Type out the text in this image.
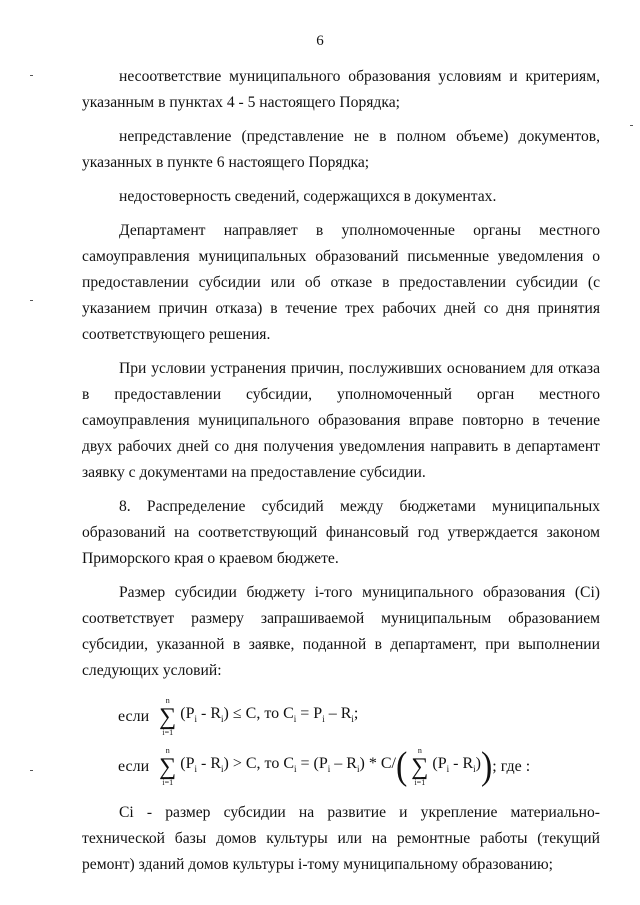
6

несоответствие муниципального образования условиям и критериям, указанным в пунктах 4 - 5 настоящего Порядка;

непредставление (представление не в полном объеме) документов, указанных в пункте 6 настоящего Порядка;

недостоверность сведений, содержащихся в документах.

Департамент направляет в уполномоченные органы местного самоуправления муниципальных образований письменные уведомления о предоставлении субсидии или об отказе в предоставлении субсидии (с указанием причин отказа) в течение трех рабочих дней со дня принятия соответствующего решения.

При условии устранения причин, послуживших основанием для отказа в предоставлении субсидии, уполномоченный орган местного самоуправления муниципального образования вправе повторно в течение двух рабочих дней со дня получения уведомления направить в департамент заявку с документами на предоставление субсидии.

8. Распределение субсидий между бюджетами муниципальных образований на соответствующий финансовый год утверждается законом Приморского края о краевом бюджете.

Размер субсидии бюджету i-того муниципального образования (Ci) соответствует размеру запрашиваемой муниципальным образованием субсидии, указанной в заявке, поданной в департамент, при выполнении следующих условий:

если
n
∑
i=1
$(P_i - R_i) \le C$, то $C_i = P_i - R_i$;
если
n
∑
i=1
$(P_i - R_i) > C$, то $C_i = (P_i - R_i) * C/$ ( n
∑
i=1
$(P_i - R_i)$ ) ; где :

Ci - размер субсидии на развитие и укрепление материально-технической базы домов культуры или на ремонтные работы (текущий ремонт) зданий домов культуры i-тому муниципальному образованию;
